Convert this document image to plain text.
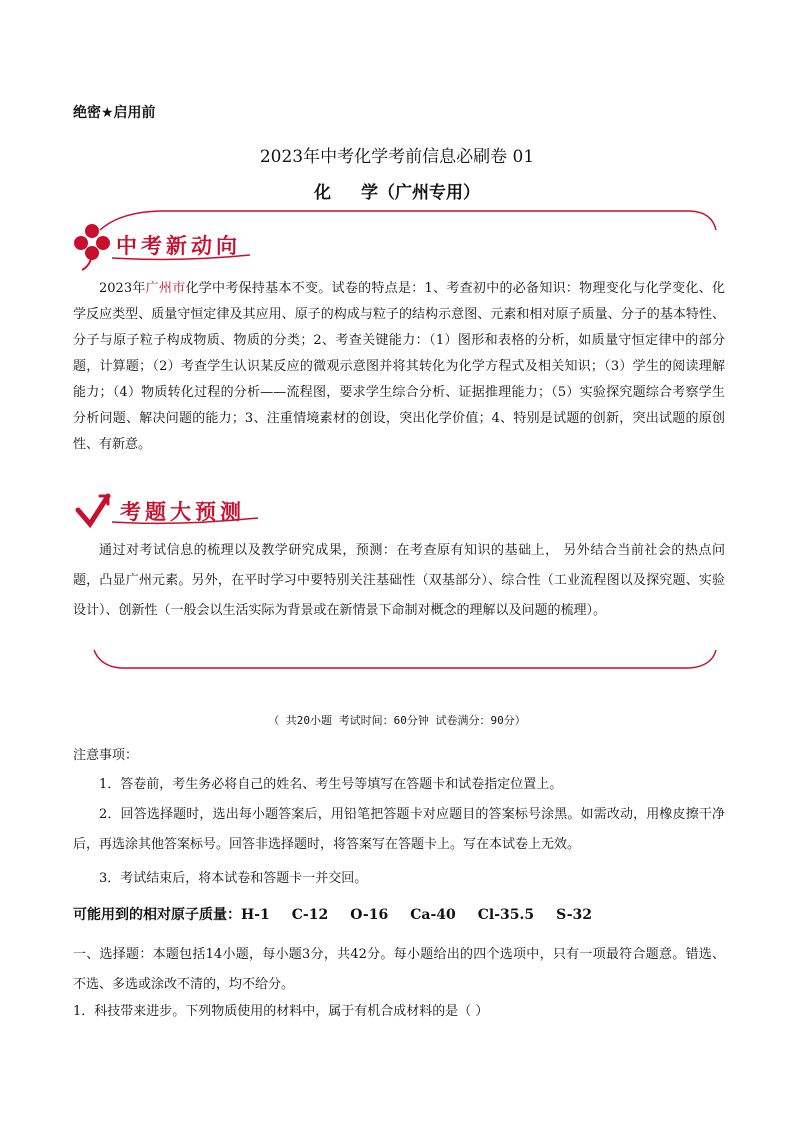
绝密★启用前
2023年中考化学考前信息必刷卷 01
化 学（广州专用）
中考新动向
2023年广州市化学中考保持基本不变。试卷的特点是：1、考查初中的必备知识：物理变化与化学变化、化学反应类型、质量守恒定律及其应用、原子的构成与粒子的结构示意图、元素和相对原子质量、分子的基本特性、分子与原子粒子构成物质、物质的分类；2、考查关键能力：（1）图形和表格的分析，如质量守恒定律中的部分题，计算题；（2）考查学生认识某反应的微观示意图并将其转化为化学方程式及相关知识；（3）学生的阅读理解能力；（4）物质转化过程的分析——流程图，要求学生综合分析、证据推理能力；（5）实验探究题综合考察学生分析问题、解决问题的能力；3、注重情境素材的创设，突出化学价值；4、特别是试题的创新，突出试题的原创性、有新意。
考题大预测
通过对考试信息的梳理以及教学研究成果，预测：在考查原有知识的基础上， 另外结合当前社会的热点问题，凸显广州元素。另外，在平时学习中要特别关注基础性（双基部分）、综合性（工业流程图以及探究题、实验设计）、创新性（一般会以生活实际为背景或在新情景下命制对概念的理解以及问题的梳理）。
（ 共20小题 考试时间：60分钟 试卷满分：90分）
注意事项：
1．答卷前，考生务必将自己的姓名、考生号等填写在答题卡和试卷指定位置上。
2．回答选择题时，选出每小题答案后，用铅笔把答题卡对应题目的答案标号涂黑。如需改动，用橡皮擦干净后，再选涂其他答案标号。回答非选择题时，将答案写在答题卡上。写在本试卷上无效。
3．考试结束后，将本试卷和答题卡一并交回。
可能用到的相对原子质量：H-1 C-12 O-16 Ca-40 Cl-35.5 S-32
一、选择题：本题包括14小题，每小题3分，共42分。每小题给出的四个选项中，只有一项最符合题意。错选、不选、多选或涂改不清的，均不给分。
1．科技带来进步。下列物质使用的材料中，属于有机合成材料的是（ ）
